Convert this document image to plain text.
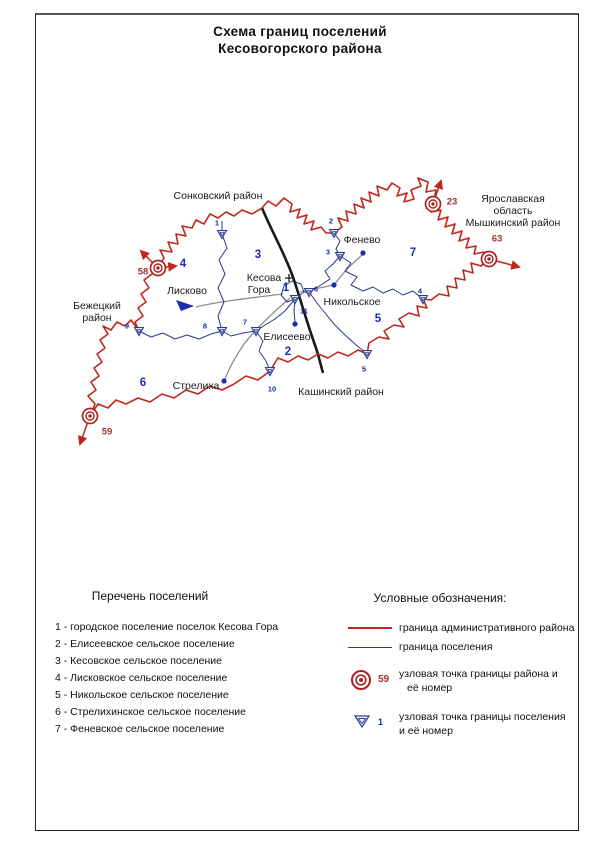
Схема границ поселений
Кесовогорского района
Сонковский район	Ярославская
область
Мышкинский район
Бежецкий
район
Кашинский район
Лисково
Кесова
Гора
Фенево
Никольское
Елисеево
Стрелиха
1
2
3
4
5
6
7
1	2
3
4
5
6
7
8
9
10
11
58
23
63
59
Перечень поселений
1 - городское поселение поселок Кесова Гора
2 - Елисеевское сельское поселение
3 - Кесовское сельское поселение
4 - Лисковское сельское поселение
5 - Никольское сельское поселение
6 - Стрелихинское сельское поселение
7 - Феневское сельское поселение
Условные обозначения:
граница административного района
граница поселения
59 узловая точка границы района и
её номер
1 узловая точка границы поселения
и её номер
